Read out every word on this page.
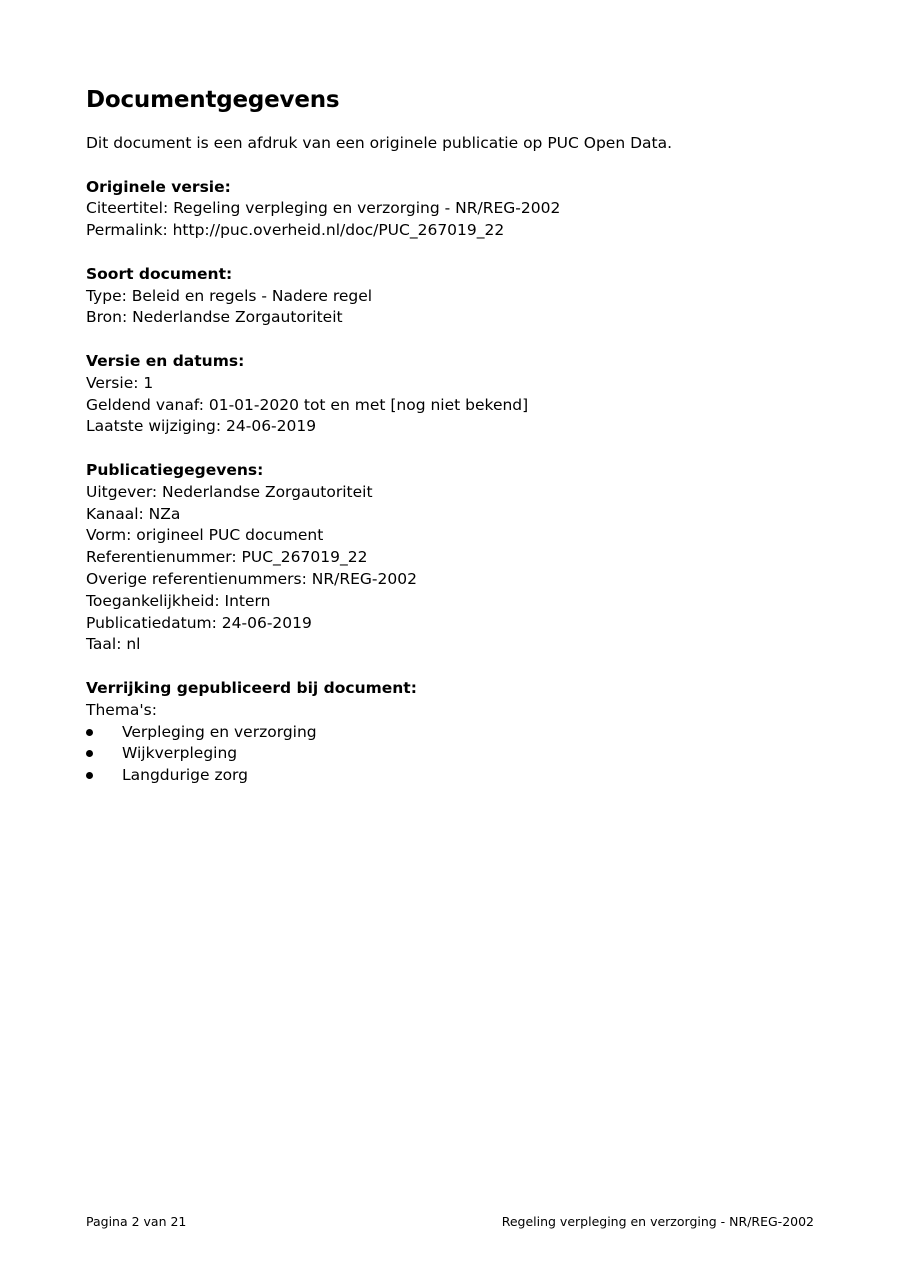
Documentgegevens

Dit document is een afdruk van een originele publicatie op PUC Open Data.

Originele versie:

Citeertitel: Regeling verpleging en verzorging - NR/REG-2002

Permalink: http://puc.overheid.nl/doc/PUC_267019_22

Soort document:

Type: Beleid en regels - Nadere regel

Bron: Nederlandse Zorgautoriteit

Versie en datums:

Versie: 1

Geldend vanaf: 01-01-2020 tot en met [nog niet bekend]

Laatste wijziging: 24-06-2019

Publicatiegegevens:

Uitgever: Nederlandse Zorgautoriteit

Kanaal: NZa

Vorm: origineel PUC document

Referentienummer: PUC_267019_22

Overige referentienummers: NR/REG-2002

Toegankelijkheid: Intern

Publicatiedatum: 24-06-2019

Taal: nl

Verrijking gepubliceerd bij document:

Thema's:

Verpleging en verzorging
Wijkverpleging
Langdurige zorg
Pagina 2 van 21	Regeling verpleging en verzorging - NR/REG-2002
